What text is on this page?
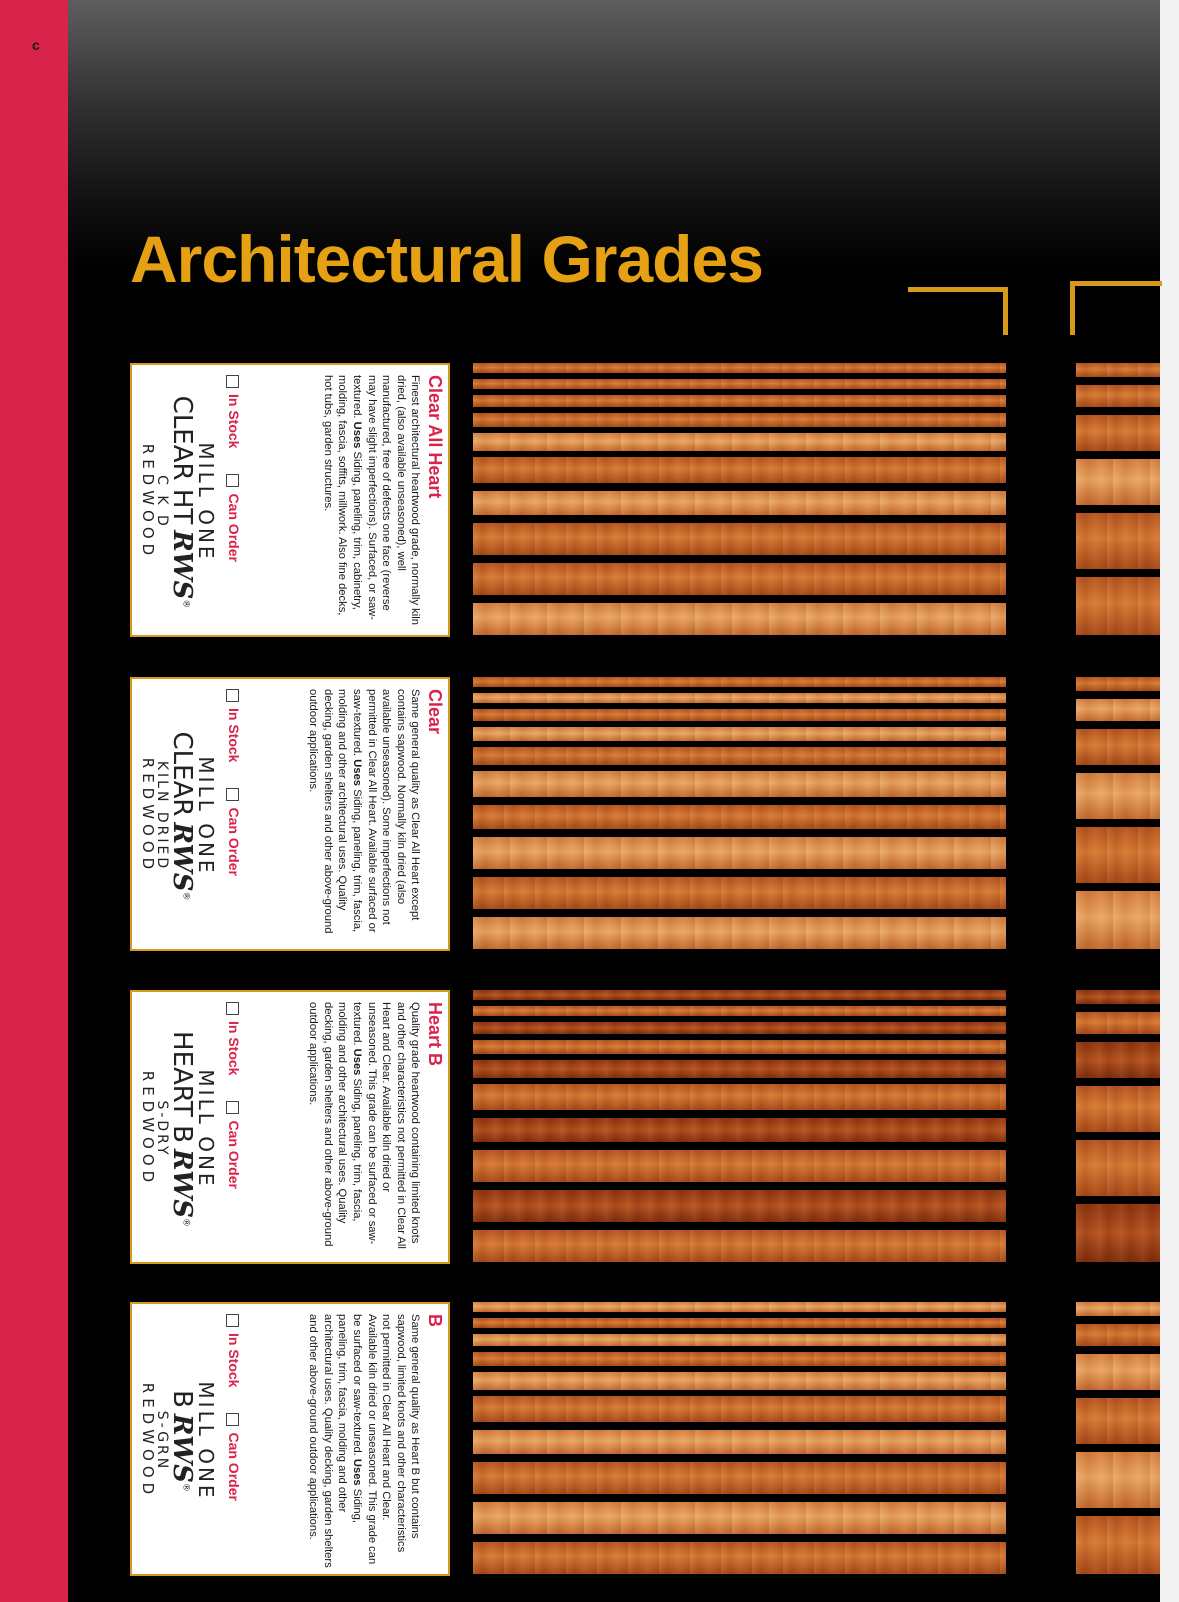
c
Architectural Grades
Clear All Heart

Finest architectural heartwood grade, normally kiln dried, (also available unseasoned), well manufactured, free of defects one face (reverse may have slight imperfections). Surfaced, or saw-textured. Uses Siding, paneling, trim, cabinetry, molding, fascia, soffits, millwork. Also fine decks, hot tubs, garden structures.

In Stock
Can Order
MILL ONE
CLEAR HTRWS®
C K D
REDWOOD
Clear

Same general quality as Clear All Heart except contains sapwood. Normally kiln dried (also available unseasoned). Some imperfections not permitted in Clear All Heart. Available surfaced or saw-textured. Uses Siding, paneling, trim, fascia, molding and other architectural uses. Quality decking, garden shelters and other above-ground outdoor applications.

In Stock
Can Order
MILL ONE
CLEARRWS®
KILN DRIED
REDWOOD
Heart B

Quality grade heartwood containing limited knots and other characteristics not permitted in Clear All Heart and Clear. Available kiln dried or unseasoned. This grade can be surfaced or saw-textured. Uses Siding, paneling, trim, fascia, molding and other architectural uses. Quality decking, garden shelters and other above-ground outdoor applications.

In Stock
Can Order
MILL ONE
HEART BRWS®
S-DRY
REDWOOD
B

Same general quality as Heart B but contains sapwood, limited knots and other characteristics not permitted in Clear All Heart and Clear. Available kiln dried or unseasoned. This grade can be surfaced or saw-textured. Uses Siding, paneling, trim, fascia, molding and other architectural uses. Quality decking, garden shelters and other above-ground outdoor applications.

In Stock
Can Order
MILL ONE
BRWS®
S-GRN
REDWOOD
